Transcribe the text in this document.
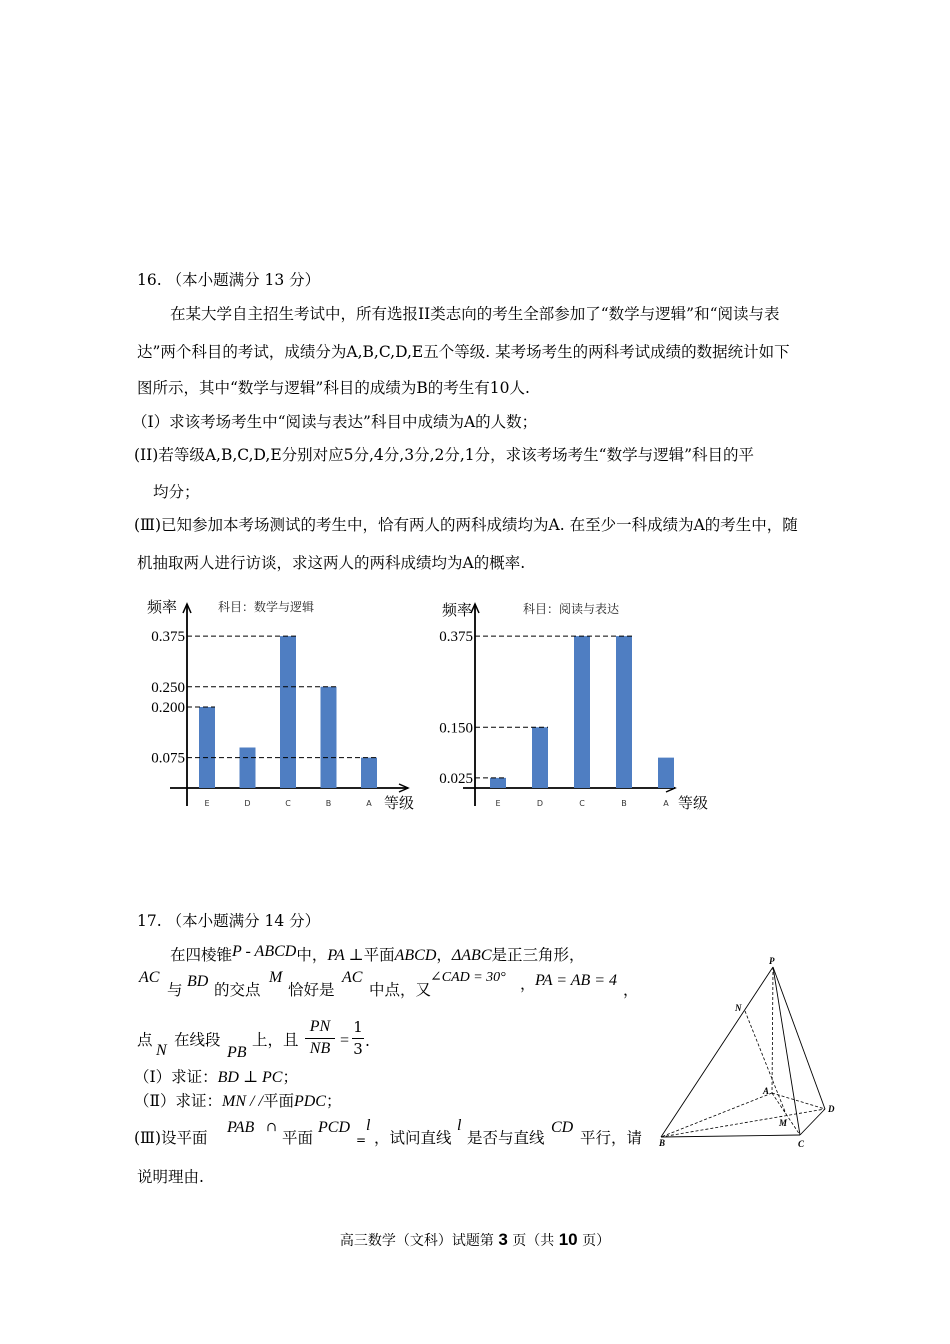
16. （本小题满分 13 分）
在某大学自主招生考试中，所有选报II类志向的考生全部参加了“数学与逻辑”和“阅读与表
达”两个科目的考试，成绩分为A,B,C,D,E五个等级. 某考场考生的两科考试成绩的数据统计如下
图所示，其中“数学与逻辑”科目的成绩为B的考生有10人.
（I）求该考场考生中“阅读与表达”科目中成绩为A的人数；
(II)若等级A,B,C,D,E分别对应5分,4分,3分,2分,1分，求该考场考生“数学与逻辑”科目的平
均分；
(Ⅲ)已知参加本考场测试的考生中，恰有两人的两科成绩均为A. 在至少一科成绩为A的考生中，随
机抽取两人进行访谈，求这两人的两科成绩均为A的概率.
E	D	C	B	A
0.375
0.250
0.200
0.075
频率	科目：数学与逻辑
等级	E	D	C	B	A
0.375
0.150
0.025
频率	科目：阅读与表达
等级
17. （本小题满分 14 分）
在四棱锥P - ABCD中，PA ⊥平面ABCD，ΔABC是正三角形，
AC
与 BD 的交点
M
恰好是
AC
中点，又
∠CAD = 30° ， PA = AB = 4
，
点
N
在线段
PB
上，且 $\frac{PN}{NB} = \frac{1}{3}$ .
（Ⅰ）求证：BD ⊥ PC；
（Ⅱ）求证：MN / /平面PDC；
(Ⅲ)设平面
PAB ∩
平面
PCD
=
l
，试问直线
l
是否与直线
CD
平行，请
说明理由.
P
N
A
D
M
B	C
高三数学（文科）试题第 3 页（共 10 页）
